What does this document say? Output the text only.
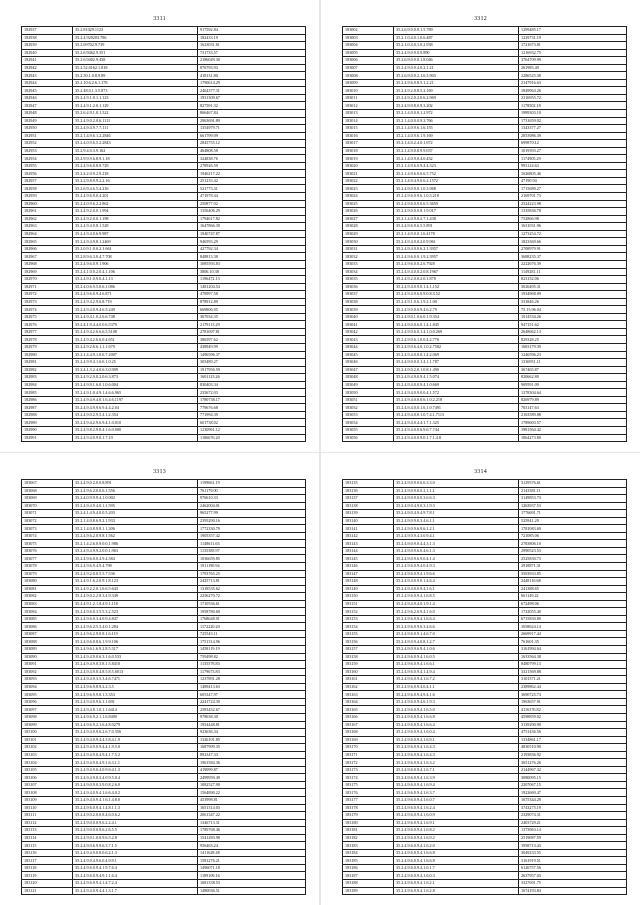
3311
182937	35.2.81029.1123	917592.84
182938	35.2.4.920203.786	182433.19
182939	35.2.69702.9.739	1623031.61
182940	35.2.6.9462.9.351	731733.57
182941	35.2.6.9402.9.458	2186049.30
182942	35.2.52.0162.1.818	876793.93
182943	35.2.50.1.0.8.9.89	418131.80
182944	35.2.10.6.2.6.1.178	1790614.29
182945	35.2.48.0.1.3.5.873	2464377.31
182946	35.2.4.9.1.0.1.1.123	1931309.67
182947	35.2.4.9.1.2.0.1.129	827591.32
182948	35.2.6.4.9.1.0.1.522	866467.84
182949	35.2.4.9.0.2.0.6.1111	2963691.89
182950	35.2.4.9.4.9.7.7.111	1354979.71
182951	35.2.1.4.9.6.1.2.2846	661799.09
182952	35.2.4.0.9.6.5.2.2843	2845755.12
182953	35.2.9.4.0.3.9.162	464808.58
182954	35.2.9.9.9.6.8.9.1.18	324838.76
182955	35.2.4.9.6.0.8.9.729	278926.59
182956	35.2.4.2.0.9.2.9.218	1946217.22
182957	35.2.2.9.8.9.9.2.2.16	251233.42
182958	35.2.6.9.4.6.5.4.216	521773.31
182959	35.2.4.9.6.9.0.4.201	471978.44
182960	35.2.4.0.9.6.2.2.862	250877.02
182961	35.2.4.9.2.0.0.1.994	1356406.29
182962	35.2.4.9.2.0.0.1.198	1794617.82
182963	35.2.4.9.4.0.8.1.528	1647866.39
182964	35.2.4.9.4.0.6.9.987	1940747.87
182965	35.2.4.9.4.9.8.1.2469	946593.29
182966	35.2.0.9.1.0.0.2.1.661	427792.34
182967	35.2.8.9.6.3.0.4.7.708	848813.38
182968	35.2.4.9.6.0.9.1.906	1085593.83
182969	35.2.4.1.0.0.2.0.4.1.106	3806.10.38
182970	35.2.4.9.1.0.9.0.4.1.13	1196472.13
182971	35.2.4.0.6.9.5.0.6.1.086	1481204.54
182972	35.2.4.9.6.0.9.4.6.871	478997.58
182973	35.2.4.9.4.2.9.6.8.719	878912.89
182974	35.2.4.9.4.0.9.4.6.5.249	669806.95
182975	35.2.4.9.4.1.0.2.6.6.748	367034.35
182976	35.2.4.1.9.4.4.0.0.6.5379	2179113.29
182977	35.2.4.9.4.2.6.6.6.5.5108	2781697.81
182978	35.2.4.9.4.2.6.6.0.4.651	386597.62
182979	35.2.4.9.2.6.6.1.1.1.679	438949.99
182980	35.2.1.4.4.9.1.0.6.7.2007	1496596.37
182981	35.2.4.9.9.4.1.6.6.1.0.25	305489.27
182982	35.2.4.1.3.2.4.0.6.3.0.909	1917956.59
182983	35.2.4.9.2.9.0.2.0.6.3.873	1601123.26
182984	35.2.4.9.9.1.6.0.1.0.6.004	830403.34
182985	35.2.4.9.1.0.4.9.1.4.6.6.965	235672.03
182986	35.2.4.9.4.9.4.0.1.6.4.6.1197	1780738.17
182987	35.2.4.9.4.9.9.6.9.4.4.2.04	779676.68
182988	35.2.4.9.0.2.9.5.4.1.2.354	771994.39
182989	35.2.4.9.4.2.9.6.9.4.1.0.010	601738.02
182990	35.2.4.9.8.2.9.0.4.1.6.0.000	1230961.12
182991	35.2.4.9.4.0.9.0.1.7.19	1186676.20
3312
183002	35.2.6.9.0.0.9.1.5.789	1299485.17
183003	35.2.1.0.4.0.1.0.6.487	1229731.19
183004	35.2.1.0.4.0.1.0.2.938	1721673.81
183005	35.2.4.9.0.9.0.9.890	1216932.75
183006	35.2.6.9.0.9.0.1.8.046	3764709.99
183007	35.2.4.9.0.9.4.0.2.1.21	261985.49
183008	35.2.6.9.0.9.2.1.6.5.903	2286525.38
183009	35.2.4.9.6.0.8.5.1.2.21	2147916.63
183010	35.2.4.9.2.0.8.5.2.169	1849964.26
183011	35.2.4.9.2.0.2.0.6.2.969	2316955.72
183012	35.2.4.9.0.8.0.9.3.202	1178502.18
183013	35.2.1.4.0.0.0.1.2.972	1989303.10
183014	35.2.1.4.0.0.0.9.3.766	1731659.02
183015	35.2.1.4.0.9.6.1.6.155	1343377.27
183016	35.2.1.4.0.9.6.1.9.169	2053986.39
183017	35.2.1.4.0.2.4.0.1.672	699870.12
183018	35.2.1.4.9.0.8.9.9.037	1019393.27
183019	35.2.1.4.0.9.0.4.0.432	1174905.29
183020	35.2.1.4.9.6.0.9.4.4.323	993124.63
183021	35.2.1.4.9.6.0.6.6.5.752	1626805.46
183022	35.2.1.4.9.4.9.0.6.2.1572	47190.94
183023	35.2.4.9.0.9.0.1.0.3.968	1715689.27
183024	35.2.4.9.6.0.9.6.1.0.5.218	2169701.73
183025	35.2.4.9.6.0.9.0.6.5.3659	2524223.98
183026	35.2.4.9.0.0.0.8.1.9.017	1335836.78
183027	35.2.1.4.0.9.0.2.7.1.438	752866.98
183028	35.2.4.9.6.9.6.5.5.891	1631031.96
183029	35.2.1.4.9.0.0.1.6.4178	1273254.72
183030	35.2.4.9.4.0.0.2.0.9.961	1823369.66
183031	35.2.4.9.4.0.0.6.2.1.3957	2708979.91
183032	35.2.4.9.6.0.0.1.9.2.3957	3688235.37
183033	35.2.4.9.6.0.0.2.6.7928	2222676.39
183034	35.2.4.9.4.0.0.2.0.8.1967	1149281.11
183035	35.2.4.9.2.0.0.2.0.1.878	823152.06
183036	35.2.4.9.4.0.9.0.1.4.1.152	3026495.31
183037	35.2.4.9.4.9.6.0.9.0.8.3.52	1934968.09
183038	35.2.4.9.1.0.6.1.9.2.1.00	331846.26
183039	35.2.4.9.0.0.0.9.4.6.2.79	75.15.96.04
183040	35.2.4.9.0.1.0.6.0.1.9.354	1014534.26
183041	35.2.4.9.0.0.6.0.1.4.1.845	947151.62
183042	35.2.4.9.0.6.0.1.4.1.0.0.269	2648662.13
183043	35.2.4.9.0.6.1.0.0.4.2.776	829328.25
183044	35.2.4.9.0.6.4.0.1.0.2.7582	1683179.39
183045	35.2.4.9.4.0.0.0.1.4.2.069	1246596.23
183046	35.2.4.9.0.0.0.1.4.1.1.787	1336951.11
183047	35.2.4.9.0.2.0.1.0.8.1.490	367465.87
183048	35.2.4.9.4.9.0.9.4.1.5.074	820662.80
183049	35.2.4.9.4.0.0.9.4.1.0.669	909591.09
183050	35.2.4.9.4.0.9.0.0.4.1.572	1378304.64
183051	35.2.4.9.4.0.0.0.6.1.0.2.218	826979.89
183052	35.2.4.9.4.0.0.1.6.1.0.7491	703147.63
183053	35.2.4.9.4.0.0.1.0.7.4.1.7113	2163589.88
183054	35.2.4.9.4.0.4.4.1.7.1.325	1789603.57
183055	35.2.4.9.4.0.0.6.9.6.7.744	1981564.42
183056	35.2.4.9.4.0.0.9.0.1.7.1.4.8	1064273.80
3313
183067	35.2.4.9.0.2.0.0.8.891	1199661.19
183068	35.2.4.9.6.2.0.0.6.1.556	761179.00
183069	35.2.4.0.9.9.9.4.1.0.002	976610.33
183070	35.2.4.9.4.9.4.0.1.1.595	2462004.01
183071	35.2.4.1.4.9.4.0.0.5.203	965277.99
183072	35.2.1.4.0.8.6.9.2.1.933	2395290.16
183073	35.2.1.4.0.8.9.8.1.1.306	1772330.79
183074	35.2.4.9.6.2.0.9.8.1.562	1905357.42
183075	35.2.1.4.2.6.0.9.0.0.1.986	1148611.63
183076	35.2.4.9.4.9.9.2.0.0.1.963	1135385.97
183077	35.2.4.9.6.0.0.4.9.4.584	1036659.85
183078	35.2.4.9.6.9.4.9.4.798	1911190.94
183079	35.2.4.9.2.0.0.5.5.7.536	1793765.25
183080	35.2.4.9.1.6.2.0.9.1.8.123	2425713.81
183081	35.2.4.9.2.2.0.1.6.6.5.643	1318535.62
183082	35.2.4.9.0.2.2.8.3.4.9.349	2256270.72
183083	35.2.4.9.1.2.1.8.4.9.1.118	1710536.61
183084	35.2.4.9.6.0.3.5.5.3.2.523	1958780.60
183085	35.2.4.9.6.0.3.4.0.9.4.847	1768648.91
183086	35.2.4.9.6.2.5.3.4.0.1.284	1172220.20
183087	35.2.4.9.6.2.9.0.8.1.6.119	725543.11
183088	35.2.4.9.6.0.8.6.1.9.9.106	1751314.96
183089	35.2.4.9.6.1.6.9.2.8.5.317	1458119.19
183090	35.2.4.9.4.9.0.6.3.1.6.0.533	759498.82
183091	35.2.4.9.4.9.0.3.8.1.5.8410	1135578.83
183092	35.2.4.9.4.9.0.4.8.5.8.5.6013	1179673.83
183093	35.2.4.9.4.9.3.5.3.4.6.7471	1237891.28
183094	35.2.4.9.6.9.8.9.2.2.3.5	1489413.63
183095	35.2.4.9.6.9.9.8.1.3.353	605347.97
183096	35.2.4.9.4.0.9.6.1.1.691	2241724.39
183097	35.2.4.9.4.8.1.0.1.1.6414	2583452.67
183098	35.2.4.9.6.9.2.1.1.6.8400	978638.30
183099	35.2.4.9.6.9.2.1.6.4.8.0279	1954448.81
183100	35.2.4.9.4.0.9.6.2.6.7.0.356	923636.34
183101	35.2.4.9.4.0.9.4.4.3.8.4.1.9	1326101.85
183102	35.2.4.9.4.9.0.9.4.4.1.9.5.0	1687999.35
183103	35.2.4.9.4.9.0.4.9.4.1.7.5.2	892347.33
183104	35.2.4.9.4.9.0.4.9.1.6.3.1.1	1961584.36
183105	35.2.4.9.4.9.0.4.0.9.6.4.1.3	419099.87
183106	35.2.4.9.4.9.0.3.4.0.9.5.0.4	2499959.49
183107	35.2.4.9.0.9.0.3.9.0.8.2.6.0	1082527.90
183108	35.2.4.9.4.0.9.4.1.6.6.4.0.2	1564890.22
183109	35.2.4.9.4.0.9.4.1.6.1.4.8.0	453998.81
183110	35.2.4.9.6.0.9.4.1.4.8.1.1.3	1651314.03
183111	35.2.4.9.0.2.0.0.8.4.6.0.6.2	2061347.22
183112	35.2.4.9.0.0.0.9.6.2.2.4.1	1346713.31
183113	35.2.4.9.0.0.0.9.6.2.6.5.5	1789768.46
183114	35.2.4.9.0.1.0.0.9.6.5.2.8	1541283.98
183115	35.2.4.9.0.6.9.9.6.3.7.1.5	936463.24
183116	35.2.4.9.4.9.0.8.0.6.2.1.3	1411628.48
183117	35.2.4.9.0.4.9.6.0.4.9.9.1	1581276.21
183118	35.2.4.9.6.0.9.4.1.9.7.6.4	1496071.18
183119	35.2.4.9.6.0.9.4.9.1.1.6.4	1189109.16
183120	35.2.4.9.6.0.9.4.1.4.7.2.4	1681338.53
183121	35.2.4.9.4.0.9.4.4.1.3.1.7	1480036.51
3314
183135	35.2.4.9.0.9.0.6.6.3.3.0	3129576.61
183136	35.2.4.9.0.9.0.0.2.1.1.1	2143381.11
183137	35.2.4.9.0.9.0.0.3.6.6.3	3149853.73
183138	35.2.4.9.0.4.9.0.3.1.9.3	1263937.53
183139	35.2.4.9.0.4.9.4.9.7.8.1	1776691.71
183140	35.2.4.9.0.9.0.3.4.6.1.1	525941.20
183141	35.2.4.9.0.9.6.9.6.1.2.1	1781083.69
183142	35.2.4.9.0.9.4.3.0.9.4.1	721085.06
183143	35.2.4.9.0.9.0.4.4.3.1.3	2783806.10
183144	35.2.4.9.0.9.6.0.4.6.1.3	2990523.53
183145	35.2.4.9.0.9.6.9.0.4.1.4	2525830.73
183146	35.2.4.9.6.0.9.4.0.4.9.3	2918871.31
183147	35.2.4.9.6.0.9.4.1.9.6.6	3503933.85
183148	35.2.4.9.4.0.9.0.1.4.6.4	2448116.68
183149	35.2.4.9.4.0.0.9.4.1.6.1	241388.65
183150	35.2.4.9.6.0.9.4.1.6.8.5	661149.22
183151	35.2.4.9.4.9.4.0.1.9.1.4	672498.06
183152	35.2.4.9.6.2.0.9.4.1.6.0	1733055.40
183153	35.2.4.9.6.0.9.4.1.6.6.4	6715830.80
183154	35.2.4.9.6.0.9.6.3.4.6.6	1658624.14
183155	35.2.4.9.6.0.9.1.4.6.7.0	2669917.44
183156	35.2.4.9.0.9.4.0.8.1.2.7	761601.35
183157	35.2.4.9.0.9.6.9.4.1.0.6	3161994.64
183158	35.2.4.9.6.0.9.4.1.6.0.5	1633564.38
183159	35.2.4.9.6.0.9.4.1.6.6.1	8480799.13
183160	35.2.4.9.6.0.9.4.1.4.9.4	3321569.88
183161	35.2.4.9.6.0.9.4.1.6.7.2	3101571.21
183162	35.2.4.9.6.0.9.4.0.4.1.1	2389862.44
183163	35.2.4.9.6.0.9.4.9.4.1.6	3690725.74
183164	35.2.4.9.6.0.9.4.6.1.9.3	1963657.91
183165	35.2.4.9.6.0.9.4.1.6.5.0	4116376.82
183166	35.2.4.9.6.0.9.4.1.6.6.8	4598859.02
183167	35.2.4.9.6.0.9.4.1.6.6.4	3139290.90
183168	35.2.4.9.6.0.9.4.1.6.0.4	4751436.56
183169	35.2.4.9.6.0.9.4.1.6.9.1	1334861.17
183170	35.2.4.9.6.0.9.4.1.6.4.3	4830510.90
183171	35.2.4.9.6.0.9.4.1.6.4.3	2193836.92
183172	35.2.4.9.6.0.9.4.1.6.3.2	3651276.26
183173	35.2.4.9.6.0.9.4.1.6.7.1	2144967.32
183174	35.2.4.9.6.0.9.4.1.6.3.9	3080095.15
183175	35.2.4.9.6.0.9.4.1.6.9.4	2207067.15
183176	35.2.4.9.6.0.9.4.1.6.3.7	1922669.47
183177	35.2.4.9.6.0.9.4.1.6.0.7	1675344.29
183178	35.2.4.9.6.0.9.4.1.6.2.4	3743275.19
183179	35.2.4.9.6.0.9.4.1.6.0.9	2329074.31
183180	35.2.4.9.6.0.9.4.1.6.9.1	2403729.21
183181	35.2.4.9.6.0.9.4.1.6.8.2	1373963.14
183182	35.2.4.9.6.0.9.4.1.6.9.2	2519087.59
183183	35.2.4.9.6.0.9.4.1.6.2.0	1958713.43
183184	35.2.4.9.6.0.9.4.1.6.6.8	3049233.55
183185	35.2.4.9.6.0.9.4.1.6.6.8	3161919.51
183186	35.2.4.9.6.0.9.4.1.6.1.7	6126757.56
183187	35.2.4.9.6.0.9.4.1.6.0.3	2637957.03
183188	35.2.4.9.6.0.9.4.1.6.2.1	3327691.75
183189	35.2.4.9.6.0.9.4.1.6.2.8	1674193.84
